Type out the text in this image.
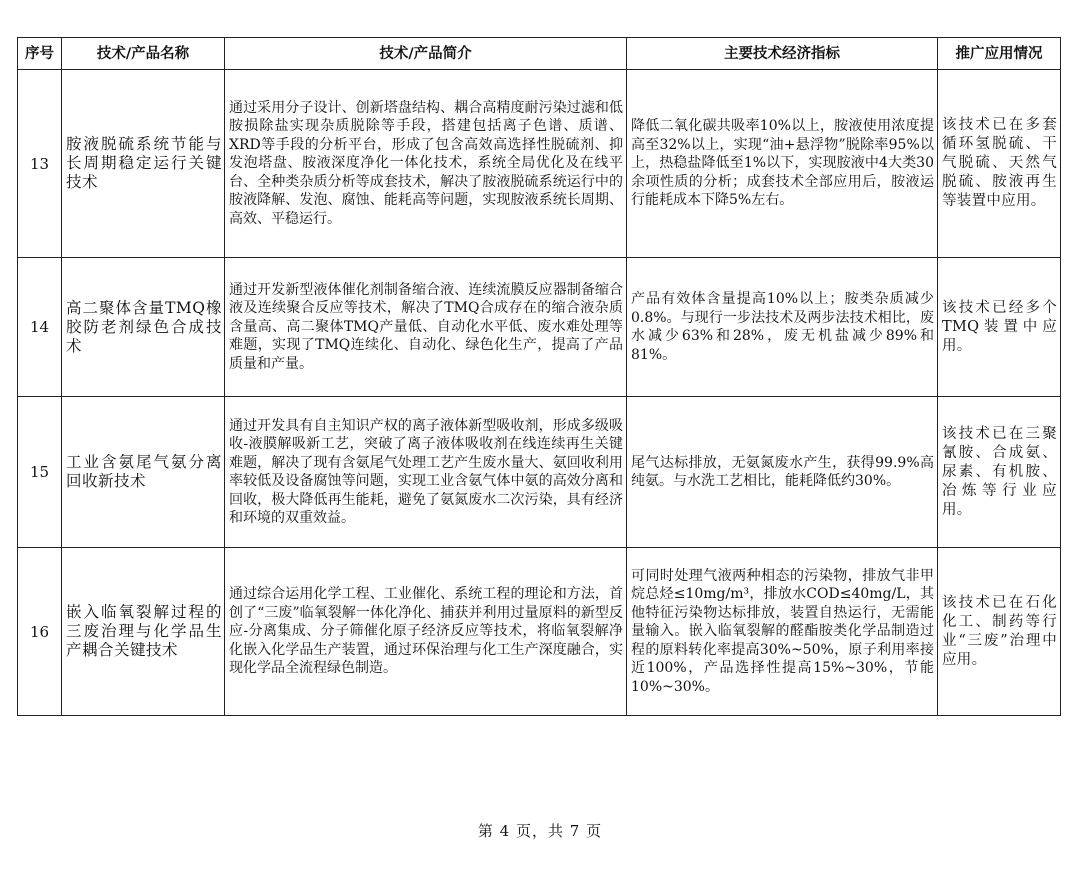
序号	技术/产品名称	技术/产品简介	主要技术经济指标	推广应用情况
13	胺液脱硫系统节能与长周期稳定运行关键技术	通过采用分子设计、创新塔盘结构、耦合高精度耐污染过滤和低胺损除盐实现杂质脱除等手段，搭建包括离子色谱、质谱、XRD等手段的分析平台，形成了包含高效高选择性脱硫剂、抑发泡塔盘、胺液深度净化一体化技术，系统全局优化及在线平台、全种类杂质分析等成套技术，解决了胺液脱硫系统运行中的胺液降解、发泡、腐蚀、能耗高等问题，实现胺液系统长周期、高效、平稳运行。	降低二氧化碳共吸率10%以上，胺液使用浓度提高至32%以上，实现“油+悬浮物”脱除率95%以上，热稳盐降低至1%以下，实现胺液中4大类30余项性质的分析；成套技术全部应用后，胺液运行能耗成本下降5%左右。	该技术已在多套循环氢脱硫、干气脱硫、天然气脱硫、胺液再生等装置中应用。
14	高二聚体含量TMQ橡胶防老剂绿色合成技术	通过开发新型液体催化剂制备缩合液、连续流膜反应器制备缩合液及连续聚合反应等技术，解决了TMQ合成存在的缩合液杂质含量高、高二聚体TMQ产量低、自动化水平低、废水难处理等难题，实现了TMQ连续化、自动化、绿色化生产，提高了产品质量和产量。	产品有效体含量提高10%以上；胺类杂质减少0.8%。与现行一步法技术及两步法技术相比，废水减少63%和28%，废无机盐减少89%和81%。	该技术已经多个TMQ装置中应用。
15	工业含氨尾气氨分离回收新技术	通过开发具有自主知识产权的离子液体新型吸收剂，形成多级吸收-液膜解吸新工艺，突破了离子液体吸收剂在线连续再生关键难题，解决了现有含氨尾气处理工艺产生废水量大、氨回收利用率较低及设备腐蚀等问题，实现工业含氨气体中氨的高效分离和回收，极大降低再生能耗，避免了氨氮废水二次污染，具有经济和环境的双重效益。	尾气达标排放，无氨氮废水产生，获得99.9%高纯氨。与水洗工艺相比，能耗降低约30%。	该技术已在三聚氰胺、合成氨、尿素、有机胺、冶炼等行业应用。
16	嵌入临氧裂解过程的三废治理与化学品生产耦合关键技术	通过综合运用化学工程、工业催化、系统工程的理论和方法，首创了“三废”临氧裂解一体化净化、捕获并利用过量原料的新型反应-分离集成、分子筛催化原子经济反应等技术，将临氧裂解净化嵌入化学品生产装置，通过环保治理与化工生产深度融合，实现化学品全流程绿色制造。	可同时处理气液两种相态的污染物，排放气非甲烷总烃≤10mg/m³，排放水COD≤40mg/L，其他特征污染物达标排放，装置自热运行，无需能量输入。嵌入临氧裂解的醛酯胺类化学品制造过程的原料转化率提高30%~50%，原子利用率接近100%，产品选择性提高15%~30%，节能10%~30%。	该技术已在石化化工、制药等行业“三废”治理中应用。
第 4 页，共 7 页
